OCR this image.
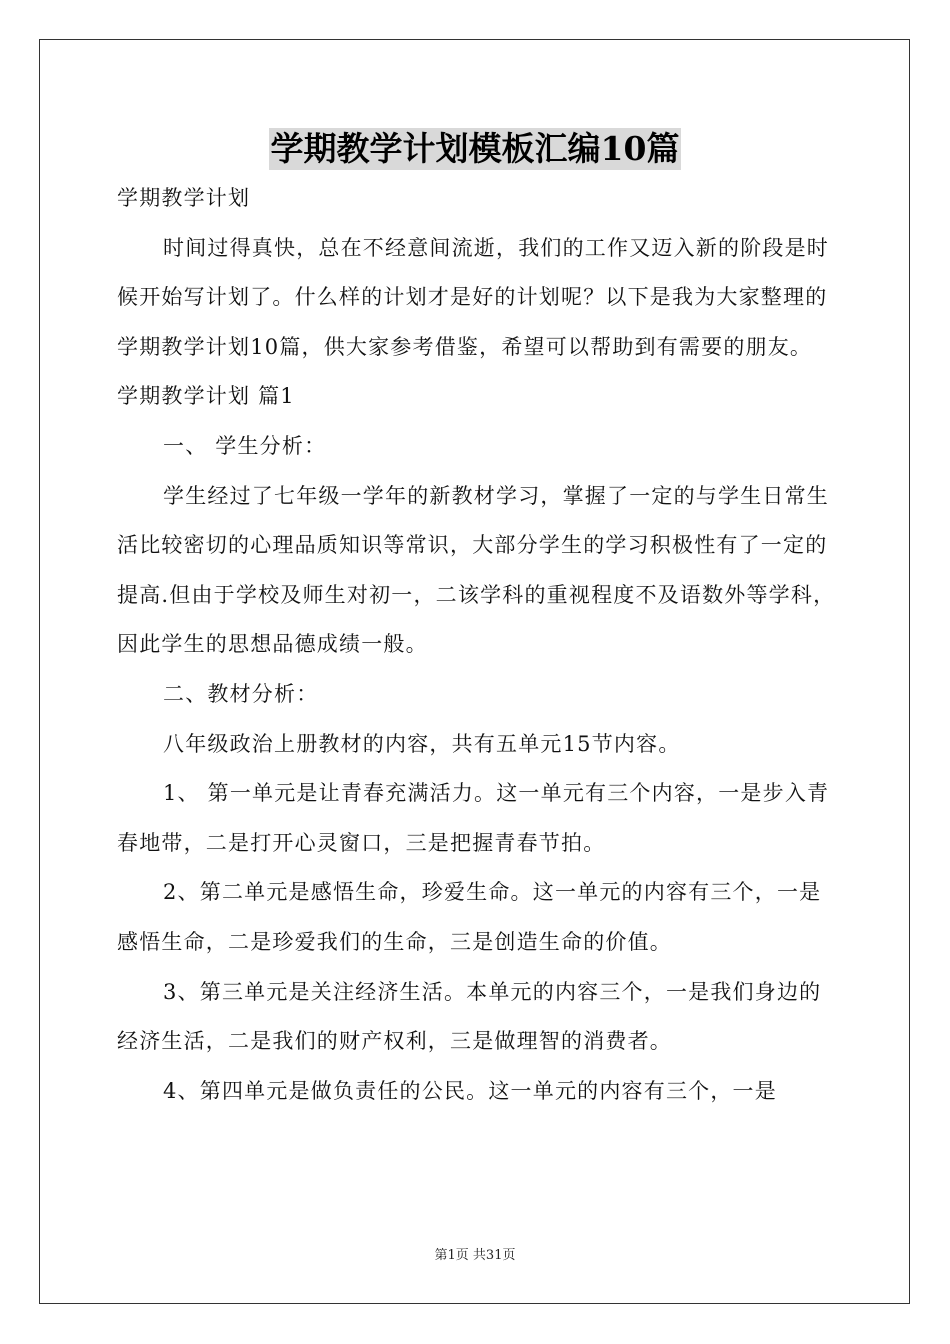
学期教学计划模板汇编10篇

学期教学计划

时间过得真快，总在不经意间流逝，我们的工作又迈入新的阶段是时候开始写计划了。什么样的计划才是好的计划呢？以下是我为大家整理的学期教学计划10篇，供大家参考借鉴，希望可以帮助到有需要的朋友。

学期教学计划 篇1

一、 学生分析：

学生经过了七年级一学年的新教材学习，掌握了一定的与学生日常生活比较密切的心理品质知识等常识，大部分学生的学习积极性有了一定的提高.但由于学校及师生对初一，二该学科的重视程度不及语数外等学科，因此学生的思想品德成绩一般。

二、教材分析：

八年级政治上册教材的内容，共有五单元15节内容。

1、 第一单元是让青春充满活力。这一单元有三个内容，一是步入青春地带，二是打开心灵窗口，三是把握青春节拍。

2、第二单元是感悟生命，珍爱生命。这一单元的内容有三个，一是感悟生命，二是珍爱我们的生命，三是创造生命的价值。

3、第三单元是关注经济生活。本单元的内容三个，一是我们身边的经济生活，二是我们的财产权利，三是做理智的消费者。

4、第四单元是做负责任的公民。这一单元的内容有三个，一是

第1页 共31页
